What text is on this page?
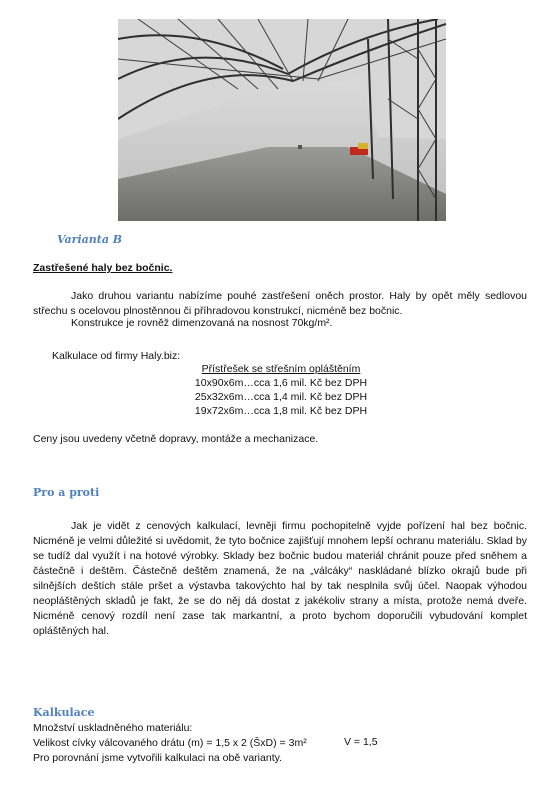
Varianta B
Zastřešené haly bez bočnic.
Jako druhou variantu nabízíme pouhé zastřešení oněch prostor. Haly by opět měly sedlovou střechu s ocelovou plnostěnnou či příhradovou konstrukcí, nicméně bez bočnic.
Konstrukce je rovněž dimenzovaná na nosnost 70kg/m².
Kalkulace od firmy Haly.biz:
Přístřešek se střešním opláštěním
10x90x6m…cca 1,6 mil. Kč bez DPH
25x32x6m…cca 1,4 mil. Kč bez DPH
19x72x6m…cca 1,8 mil. Kč bez DPH
Ceny jsou uvedeny včetně dopravy, montáže a mechanizace.
Pro a proti
Jak je vidět z cenových kalkulací, levněji firmu pochopitelně vyjde pořízení hal bez bočnic. Nicméně je velmi důležité si uvědomit, že tyto bočnice zajišťují mnohem lepší ochranu materiálu. Sklad by se tudíž dal využít i na hotové výrobky. Sklady bez bočnic budou materiál chránit pouze před sněhem a částečně i deštěm. Částečně deštěm znamená, že na „válcáky“ naskládané blízko okrajů bude při silnějších deštích stále pršet a výstavba takovýchto hal by tak nesplnila svůj účel. Naopak výhodou neopláštěných skladů je fakt, že se do něj dá dostat z jakékoliv strany a místa, protože nemá dveře. Nicméně cenový rozdíl není zase tak markantní, a proto bychom doporučili vybudování komplet opláštěných hal.
Kalkulace
Množství uskladněného materiálu:
Velikost cívky válcovaného drátu (m) = 1,5 x 2 (ŠxD) = 3m²
Pro porovnání jsme vytvořili kalkulaci na obě varianty.
V = 1,5
